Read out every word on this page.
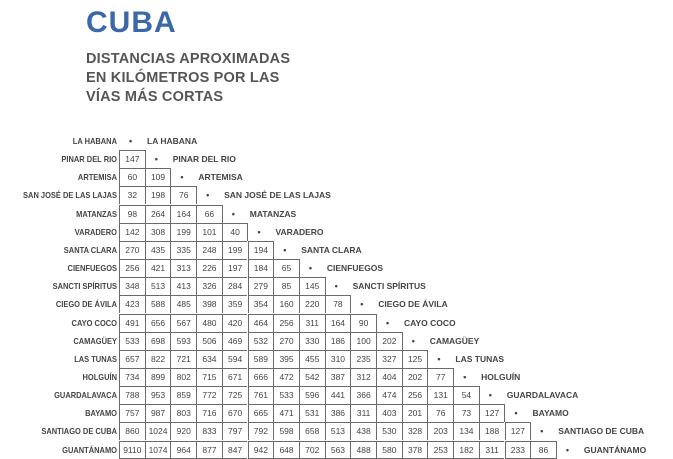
CUBA
DISTANCIAS APROXIMADAS
EN KILÓMETROS POR LAS
VÍAS MÁS CORTAS
LA HABANA • LA HABANA
PINAR DEL RIO 147	• PINAR DEL RIO
ARTEMISA	60	109	• ARTEMISA
SAN JOSÉ DE LAS LAJAS	32	198	76	• SAN JOSÉ DE LAS LAJAS
MATANZAS	98	264	164	66	• MATANZAS
VARADERO 142	308	199	101	40	• VARADERO
SANTA CLARA 270	435	335	248	199	194	• SANTA CLARA
CIENFUEGOS 256	421	313	226	197	184	65	• CIENFUEGOS
SANCTI SPÍRITUS 348	513	413	326	284	279	85	145	• SANCTI SPÍRITUS
CIEGO DE ÁVILA 423	588	485	398	359	354	160	220	78	• CIEGO DE ÁVILA
CAYO COCO 491	656	567	480	420	464	256	311	164	90	• CAYO COCO
CAMAGÜEY 533	698	593	506	469	532	270	330	186	100	202	• CAMAGÜEY
LAS TUNAS 657	822	721	634	594	589	395	455	310	235	327	125	• LAS TUNAS
HOLGUÍN 734	899	802	715	671	666	472	542	387	312	404	202	77	• HOLGUÍN
GUARDALAVACA 788	953	859	772	725	761	533	596	441	366	474	256	131	54	• GUARDALAVACA
BAYAMO 757	987	803	716	670	665	471	531	386	311	403	201	76	73	127	• BAYAMO
SANTIAGO DE CUBA 860	1024	920	833	797	792	598	658	513	438	530	328	203	134	188	127	• SANTIAGO DE CUBA
GUANTÁNAMO 9110 1074	964	877	847	942	648	702	563	488	580	378	253	182	311	233	86	• GUANTÁNAMO
